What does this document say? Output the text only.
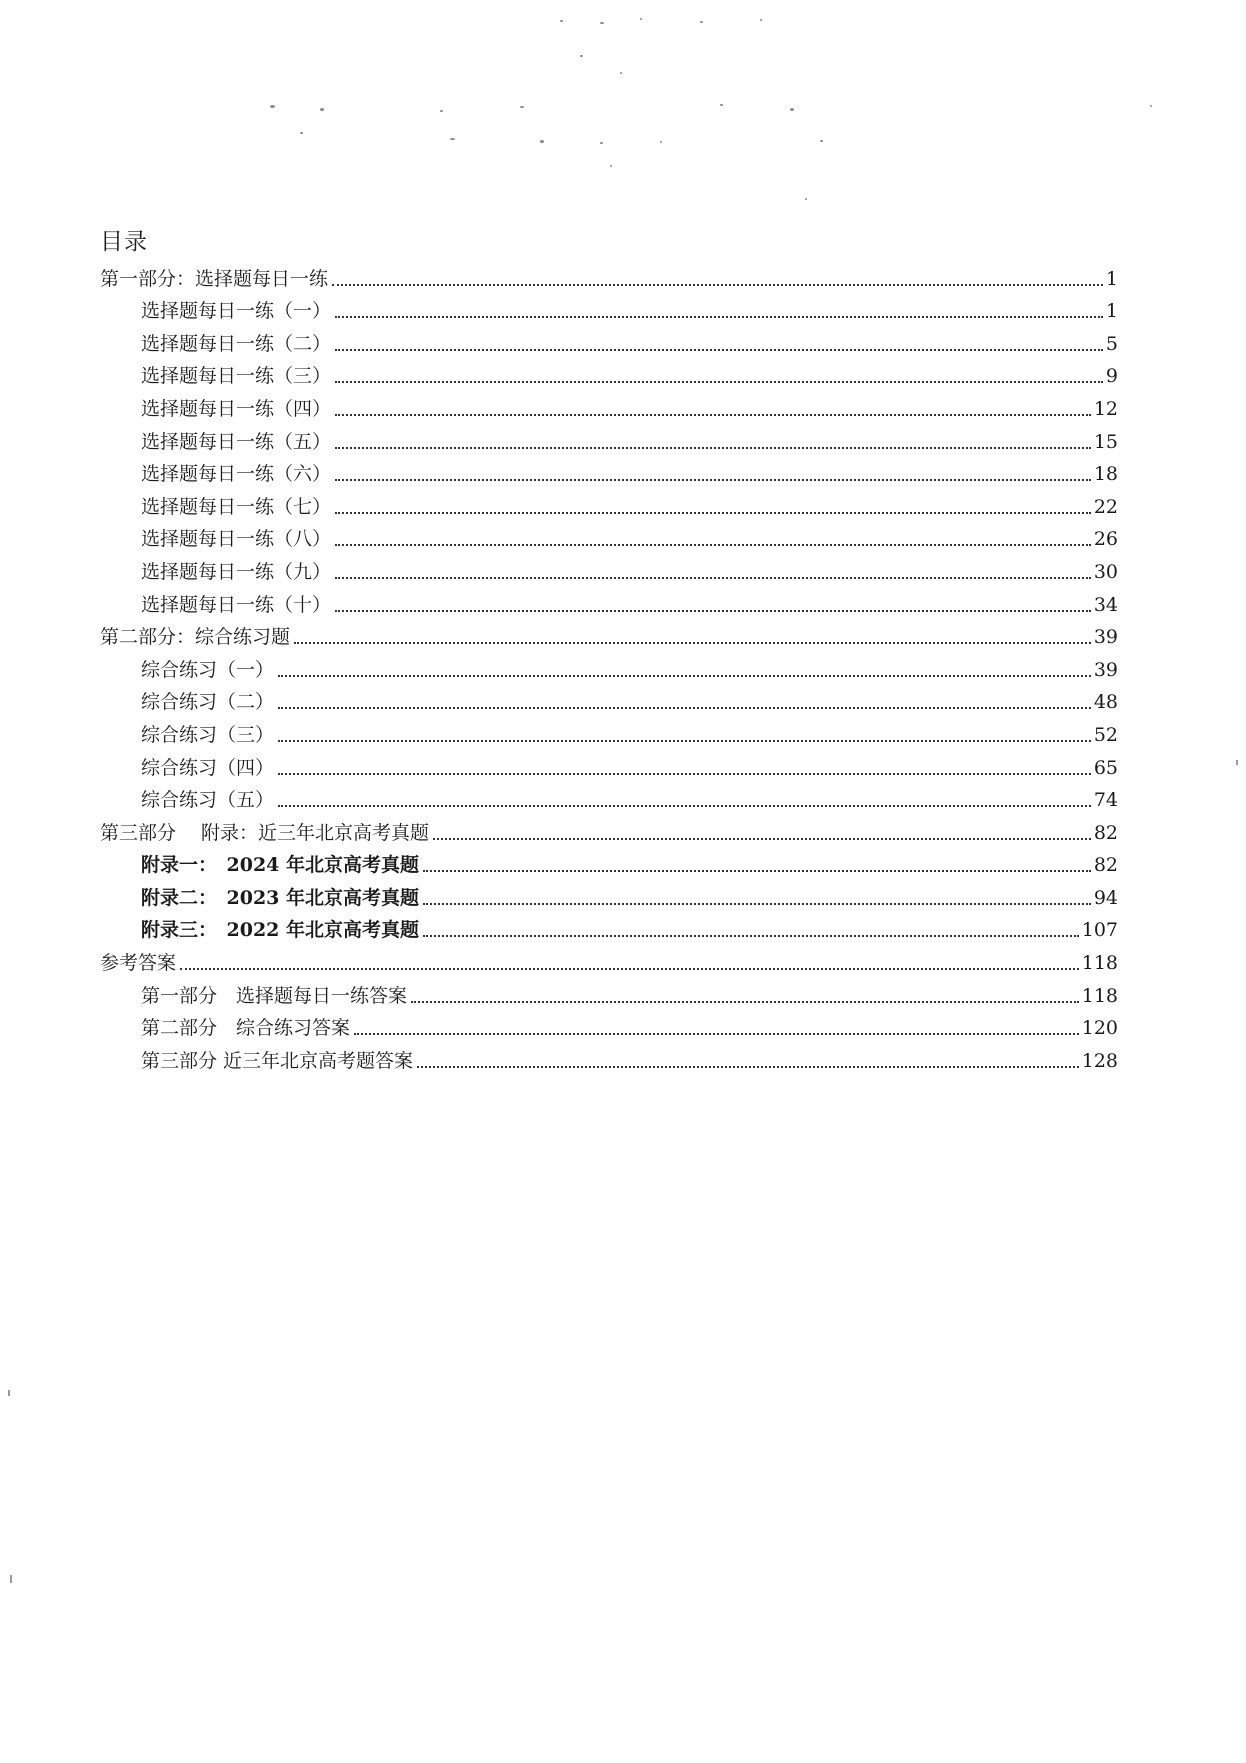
目录
第一部分：选择题每日一练	1
选择题每日一练（一）	1
选择题每日一练（二）	5
选择题每日一练（三）	9
选择题每日一练（四）	12
选择题每日一练（五）	15
选择题每日一练（六）	18
选择题每日一练（七）	22
选择题每日一练（八）	26
选择题每日一练（九）	30
选择题每日一练（十）	34
第二部分：综合练习题	39
综合练习（一）	39
综合练习（二）	48
综合练习（三）	52
综合练习（四）	65
综合练习（五）	74
第三部分　 附录：近三年北京高考真题	82
附录一：　2024 年北京高考真题	82
附录二：　2023 年北京高考真题	94
附录三：　2022 年北京高考真题	107
参考答案	118
第一部分　选择题每日一练答案	118
第二部分　综合练习答案	120
第三部分 近三年北京高考题答案	128
